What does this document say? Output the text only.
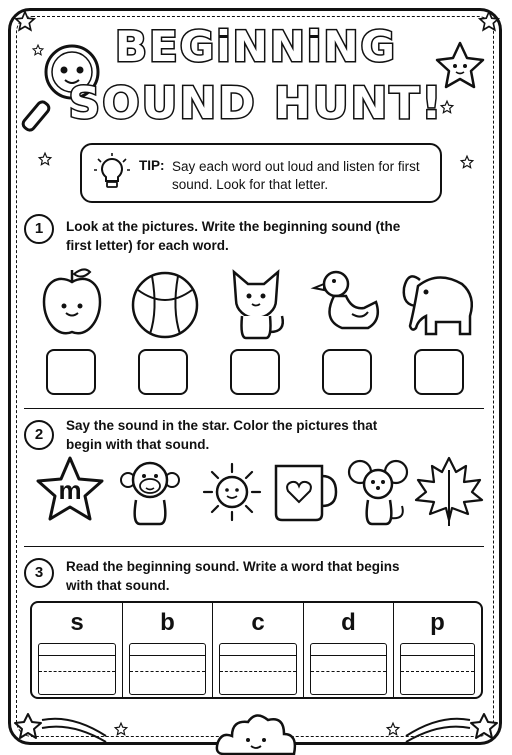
BEGiNNiNG
SOUND HUNT!
TIP: Say each word out loud and listen for first sound. Look for that letter.
1	Look at the pictures. Write the beginning sound (the first letter) for each word.
2
Say the sound in the star. Color the pictures that begin with that sound.
m
3	Read the beginning sound. Write a word that begins with that sound.
s	b	c	d	p
